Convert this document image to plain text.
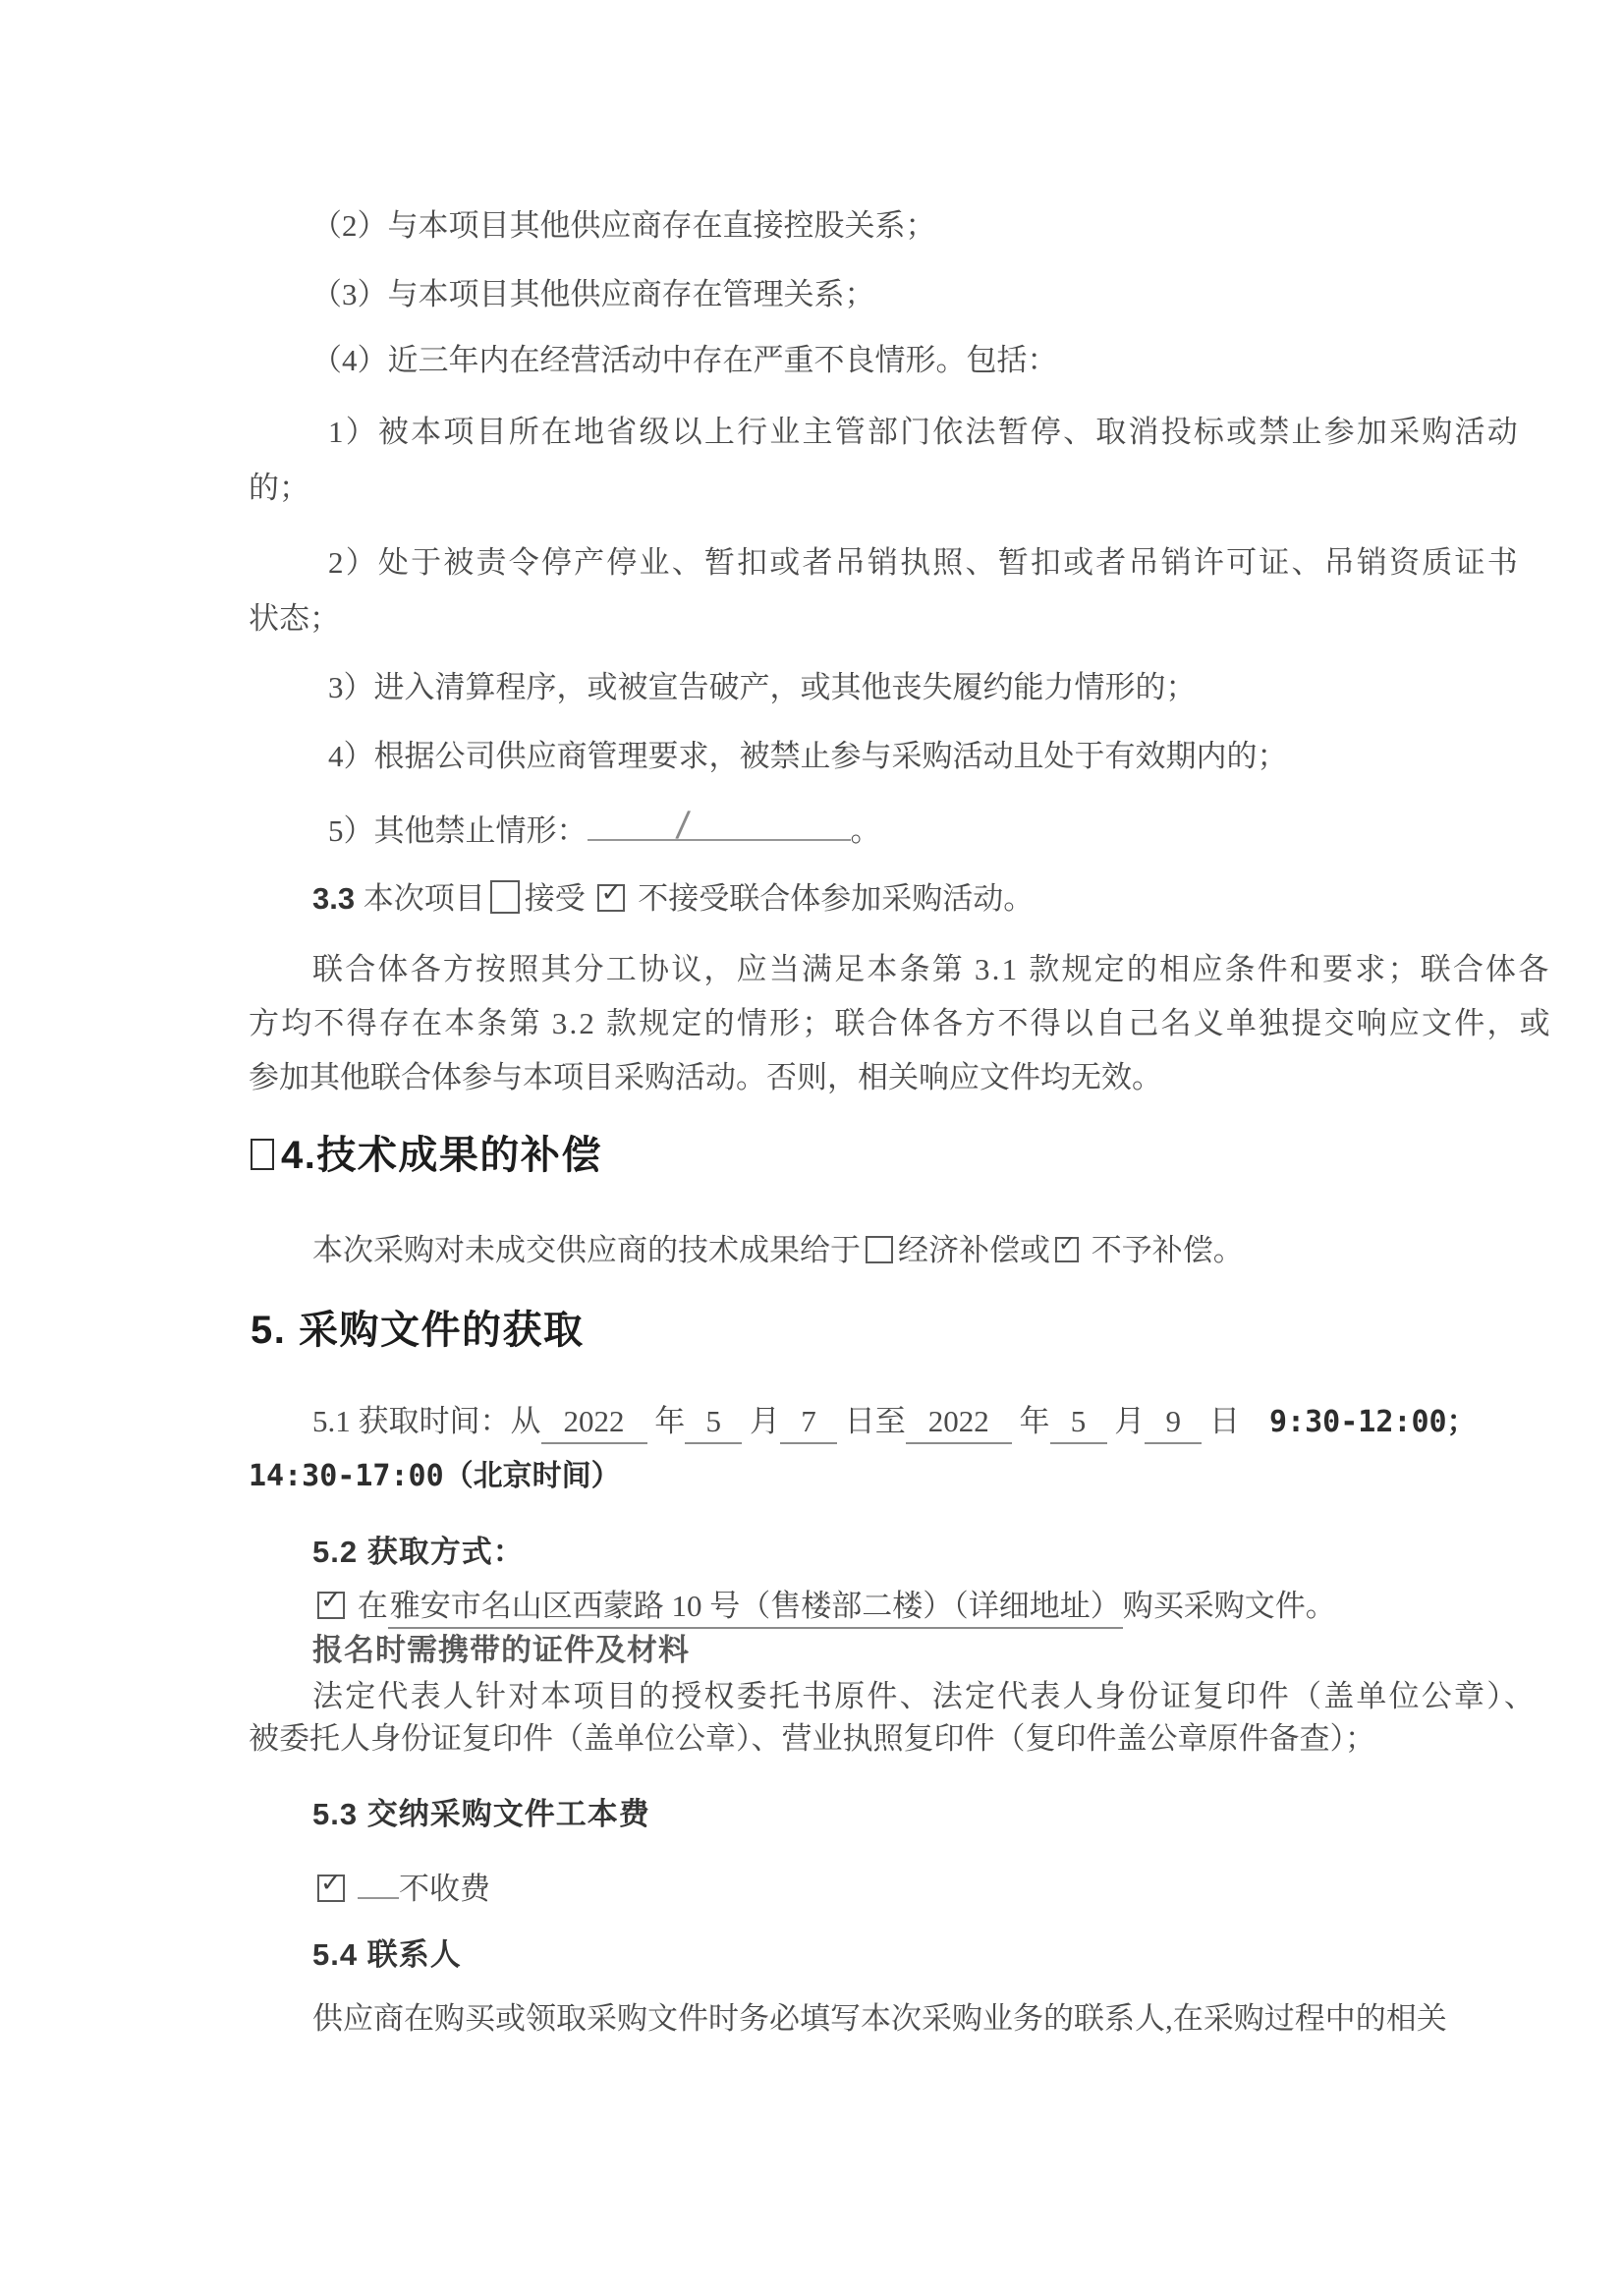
（2）与本项目其他供应商存在直接控股关系；
（3）与本项目其他供应商存在管理关系；
（4）近三年内在经营活动中存在严重不良情形。包括：
1）被本项目所在地省级以上行业主管部门依法暂停、取消投标或禁止参加采购活动
的；
2）处于被责令停产停业、暂扣或者吊销执照、暂扣或者吊销许可证、吊销资质证书
状态；
3）进入清算程序，或被宣告破产，或其他丧失履约能力情形的；
4）根据公司供应商管理要求，被禁止参与采购活动且处于有效期内的；
5）其他禁止情形： /	。
3.3 本次项目 接受 ✓ 不接受联合体参加采购活动。
联合体各方按照其分工协议，应当满足本条第 3.1 款规定的相应条件和要求；联合体各
方均不得存在本条第 3.2 款规定的情形；联合体各方不得以自己名义单独提交响应文件，或
参加其他联合体参与本项目采购活动。否则，相关响应文件均无效。
4.技术成果的补偿
本次采购对未成交供应商的技术成果给于 经济补偿或 ✓ 不予补偿。
5. 采购文件的获取
5.1 获取时间：从 2022 年 5 月 7 日至 2022 年 5 月 9 日 9:30-12:00；
14:30-17:00（北京时间）
5.2 获取方式：
✓ 在雅安市名山区西蒙路 10 号（售楼部二楼）（详细地址）购买采购文件。
报名时需携带的证件及材料
法定代表人针对本项目的授权委托书原件、法定代表人身份证复印件（盖单位公章）、
被委托人身份证复印件（盖单位公章）、营业执照复印件（复印件盖公章原件备查）；
5.3 交纳采购文件工本费
✓ 不收费
5.4 联系人
供应商在购买或领取采购文件时务必填写本次采购业务的联系人,在采购过程中的相关
